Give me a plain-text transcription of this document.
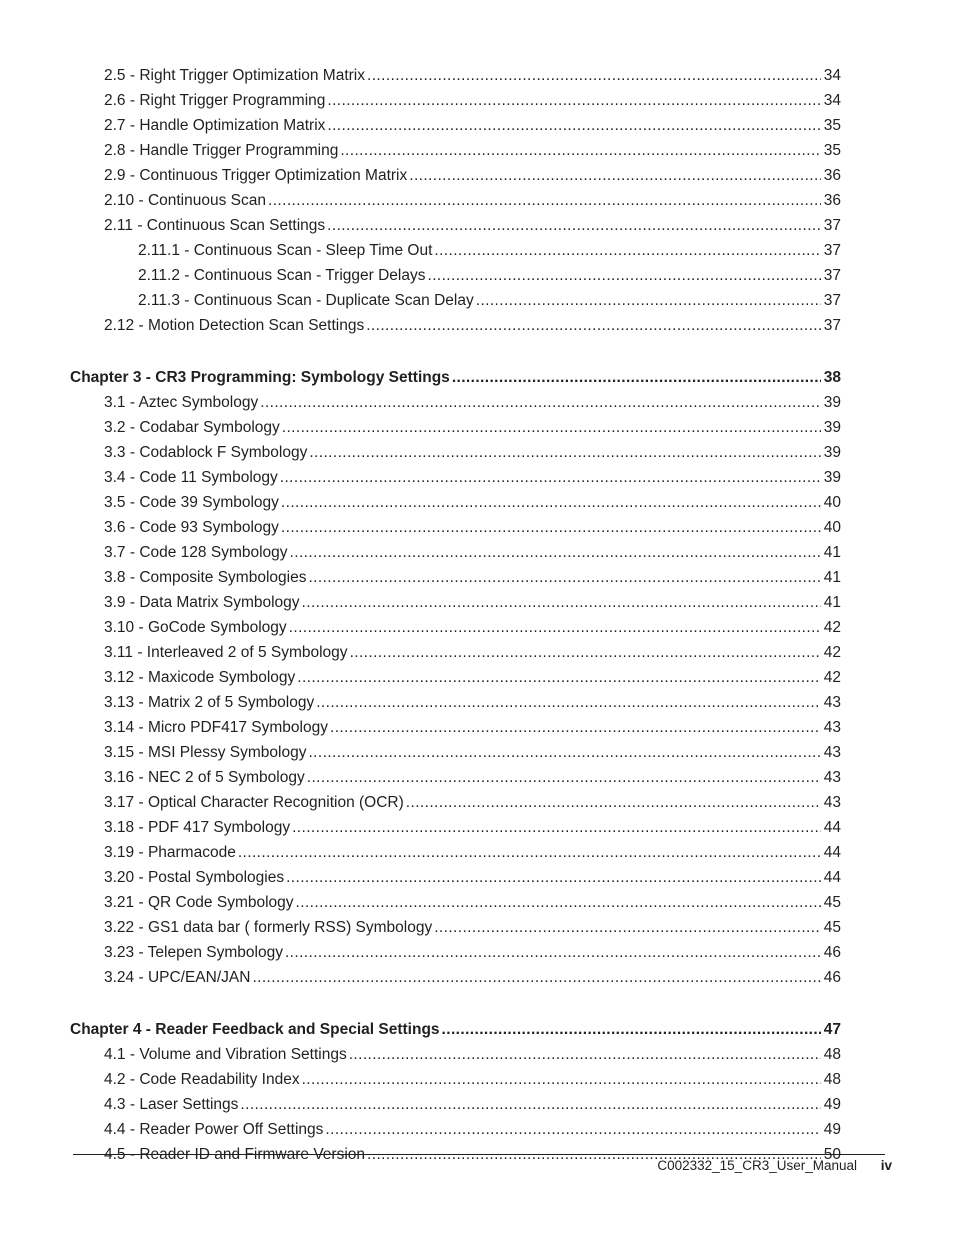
2.5 - Right Trigger Optimization Matrix .....	34
2.6 - Right Trigger Programming .....	34
2.7 - Handle Optimization Matrix .....	35
2.8 - Handle Trigger Programming .....	35
2.9 - Continuous Trigger Optimization Matrix .....	36
2.10 - Continuous Scan .....	36
2.11 - Continuous Scan Settings .....	37
2.11.1 - Continuous Scan - Sleep Time Out .....	37
2.11.2 - Continuous Scan - Trigger Delays .....	37
2.11.3 - Continuous Scan - Duplicate Scan Delay .....	37
2.12 - Motion Detection Scan Settings .....	37
Chapter 3 - CR3 Programming: Symbology Settings .....	38
3.1 - Aztec Symbology .....	39
3.2 - Codabar Symbology .....	39
3.3 - Codablock F Symbology .....	39
3.4 - Code 11 Symbology .....	39
3.5 - Code 39 Symbology .....	40
3.6 - Code 93 Symbology .....	40
3.7 - Code 128 Symbology .....	41
3.8 - Composite Symbologies .....	41
3.9 - Data Matrix Symbology .....	41
3.10 - GoCode Symbology .....	42
3.11 - Interleaved 2 of 5 Symbology .....	42
3.12 - Maxicode Symbology .....	42
3.13 - Matrix 2 of 5 Symbology .....	43
3.14 - Micro PDF417 Symbology .....	43
3.15 - MSI Plessy Symbology .....	43
3.16 - NEC 2 of 5 Symbology .....	43
3.17 - Optical Character Recognition (OCR) .....	43
3.18 - PDF 417 Symbology .....	44
3.19 - Pharmacode .....	44
3.20 - Postal Symbologies .....	44
3.21 - QR Code Symbology .....	45
3.22 - GS1 data bar ( formerly RSS) Symbology .....	45
3.23 - Telepen Symbology .....	46
3.24 - UPC/EAN/JAN .....	46
Chapter 4 - Reader Feedback and Special Settings .....	47
4.1 - Volume and Vibration Settings .....	48
4.2 - Code Readability Index .....	48
4.3 - Laser Settings .....	49
4.4 - Reader Power Off Settings .....	49
4.5 - Reader ID and Firmware Version .....	50
C002332_15_CR3_User_Manual iv
